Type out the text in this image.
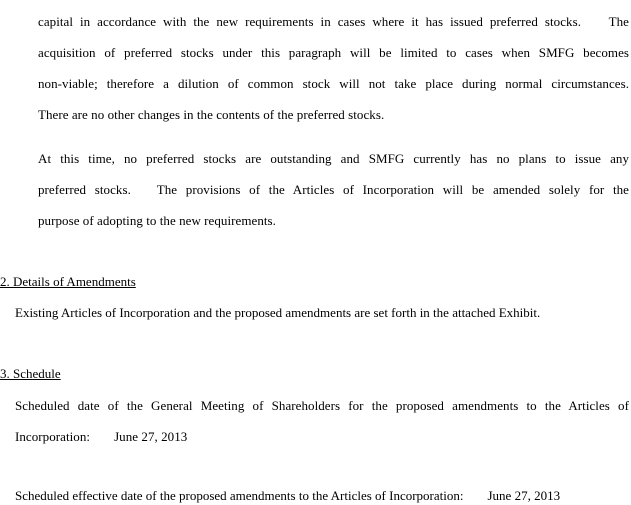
capital in accordance with the new requirements in cases where it has issued preferred stocks.    The
acquisition of preferred stocks under this paragraph will be limited to cases when SMFG becomes
non-viable; therefore a dilution of common stock will not take place during normal circumstances.
There are no other changes in the contents of the preferred stocks.
At this time, no preferred stocks are outstanding and SMFG currently has no plans to issue any
preferred stocks.   The provisions of the Articles of Incorporation will be amended solely for the
purpose of adopting to the new requirements.

2. Details of Amendments

Existing Articles of Incorporation and the proposed amendments are set forth in the attached Exhibit.

3. Schedule

Scheduled date of the General Meeting of Shareholders for the proposed amendments to the Articles of
Incorporation: June 27, 2013

Scheduled effective date of the proposed amendments to the Articles of Incorporation: June 27, 2013
